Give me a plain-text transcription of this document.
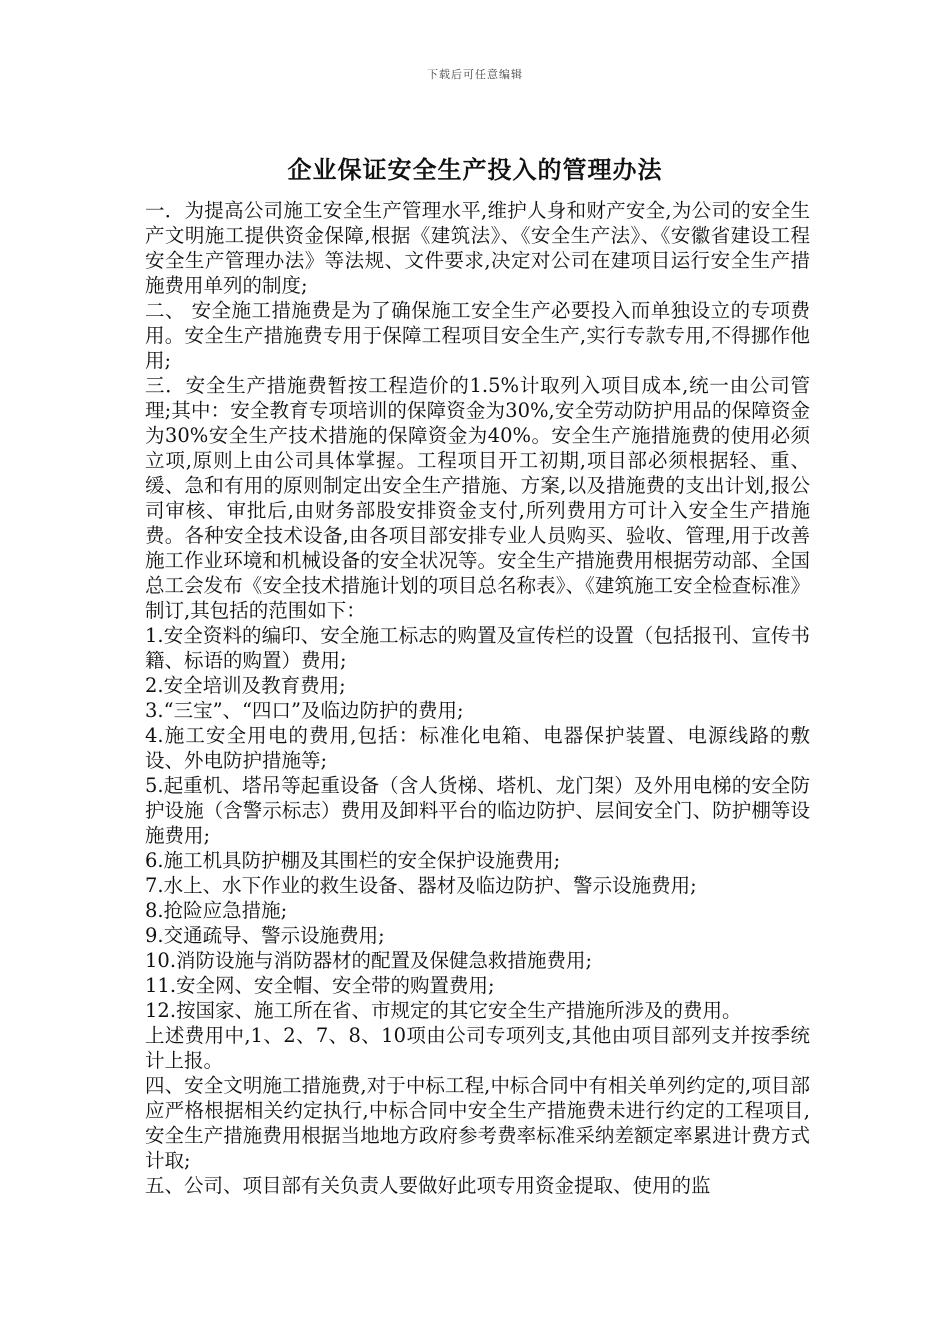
下载后可任意编辑
企业保证安全生产投入的管理办法

一．为提高公司施工安全生产管理水平,维护人身和财产安全,为公司的安全生产文明施工提供资金保障,根据《建筑法》、《安全生产法》、《安徽省建设工程安全生产管理办法》等法规、文件要求,决定对公司在建项目运行安全生产措施费用单列的制度;

二、 安全施工措施费是为了确保施工安全生产必要投入而单独设立的专项费用。安全生产措施费专用于保障工程项目安全生产,实行专款专用,不得挪作他用;

三．安全生产措施费暂按工程造价的1.5%计取列入项目成本,统一由公司管理;其中：安全教育专项培训的保障资金为30%,安全劳动防护用品的保障资金为30%安全生产技术措施的保障资金为40%。安全生产施措施费的使用必须立项,原则上由公司具体掌握。工程项目开工初期,项目部必须根据轻、重、缓、急和有用的原则制定出安全生产措施、方案,以及措施费的支出计划,报公司审核、审批后,由财务部股安排资金支付,所列费用方可计入安全生产措施费。各种安全技术设备,由各项目部安排专业人员购买、验收、管理,用于改善施工作业环境和机械设备的安全状况等。安全生产措施费用根据劳动部、全国总工会发布《安全技术措施计划的项目总名称表》、《建筑施工安全检查标准》制订,其包括的范围如下：

1.安全资料的编印、安全施工标志的购置及宣传栏的设置（包括报刊、宣传书籍、标语的购置）费用;

2.安全培训及教育费用;

3.“三宝”、“四口”及临边防护的费用;

4.施工安全用电的费用,包括：标准化电箱、电器保护装置、电源线路的敷设、外电防护措施等;

5.起重机、塔吊等起重设备（含人货梯、塔机、龙门架）及外用电梯的安全防护设施（含警示标志）费用及卸料平台的临边防护、层间安全门、防护棚等设施费用;

6.施工机具防护棚及其围栏的安全保护设施费用;

7.水上、水下作业的救生设备、器材及临边防护、警示设施费用;

8.抢险应急措施;

9.交通疏导、警示设施费用;

10.消防设施与消防器材的配置及保健急救措施费用;

11.安全网、安全帽、安全带的购置费用;

12.按国家、施工所在省、市规定的其它安全生产措施所涉及的费用。

上述费用中,1、2、7、8、10项由公司专项列支,其他由项目部列支并按季统计上报。

四、安全文明施工措施费,对于中标工程,中标合同中有相关单列约定的,项目部应严格根据相关约定执行,中标合同中安全生产措施费未进行约定的工程项目,安全生产措施费用根据当地地方政府参考费率标准采纳差额定率累进计费方式计取;

五、公司、项目部有关负责人要做好此项专用资金提取、使用的监
